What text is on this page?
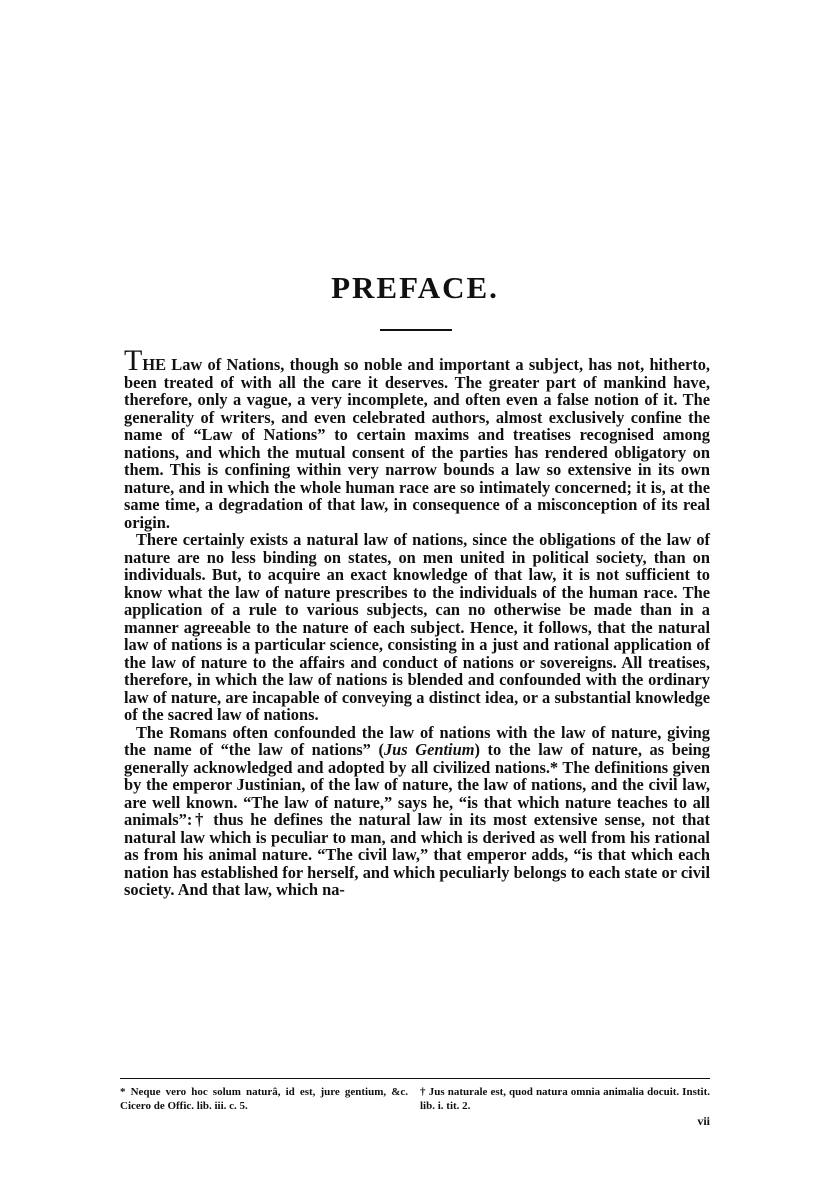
PREFACE.

THE Law of Nations, though so noble and important a subject, has not, hitherto, been treated of with all the care it deserves. The greater part of mankind have, therefore, only a vague, a very incomplete, and often even a false notion of it. The generality of writers, and even celebrated authors, almost exclusively confine the name of “Law of Nations” to certain maxims and treatises recognised among nations, and which the mutual consent of the parties has rendered obligatory on them. This is confining within very narrow bounds a law so extensive in its own nature, and in which the whole human race are so intimately concerned; it is, at the same time, a degradation of that law, in consequence of a misconception of its real origin.

There certainly exists a natural law of nations, since the obligations of the law of nature are no less binding on states, on men united in political society, than on individuals. But, to acquire an exact knowledge of that law, it is not sufficient to know what the law of nature prescribes to the individuals of the human race. The application of a rule to various subjects, can no otherwise be made than in a manner agreeable to the nature of each subject. Hence, it follows, that the natural law of nations is a particular science, consisting in a just and rational application of the law of nature to the affairs and conduct of nations or sovereigns. All treatises, therefore, in which the law of nations is blended and confounded with the ordinary law of nature, are incapable of conveying a distinct idea, or a substantial knowledge of the sacred law of nations.

The Romans often confounded the law of nations with the law of nature, giving the name of “the law of nations” (Jus Gentium) to the law of nature, as being generally acknowledged and adopted by all civilized nations.* The definitions given by the emperor Justinian, of the law of nature, the law of nations, and the civil law, are well known. “The law of nature,” says he, “is that which nature teaches to all animals”:† thus he defines the natural law in its most extensive sense, not that natural law which is peculiar to man, and which is derived as well from his rational as from his animal nature. “The civil law,” that emperor adds, “is that which each nation has established for herself, and which peculiarly belongs to each state or civil society. And that law, which na-

* Neque vero hoc solum naturâ, id est, jure gentium, &c. Cicero de Offic. lib. iii. c. 5.
† Jus naturale est, quod natura omnia animalia docuit. Instit. lib. i. tit. 2.
vii
